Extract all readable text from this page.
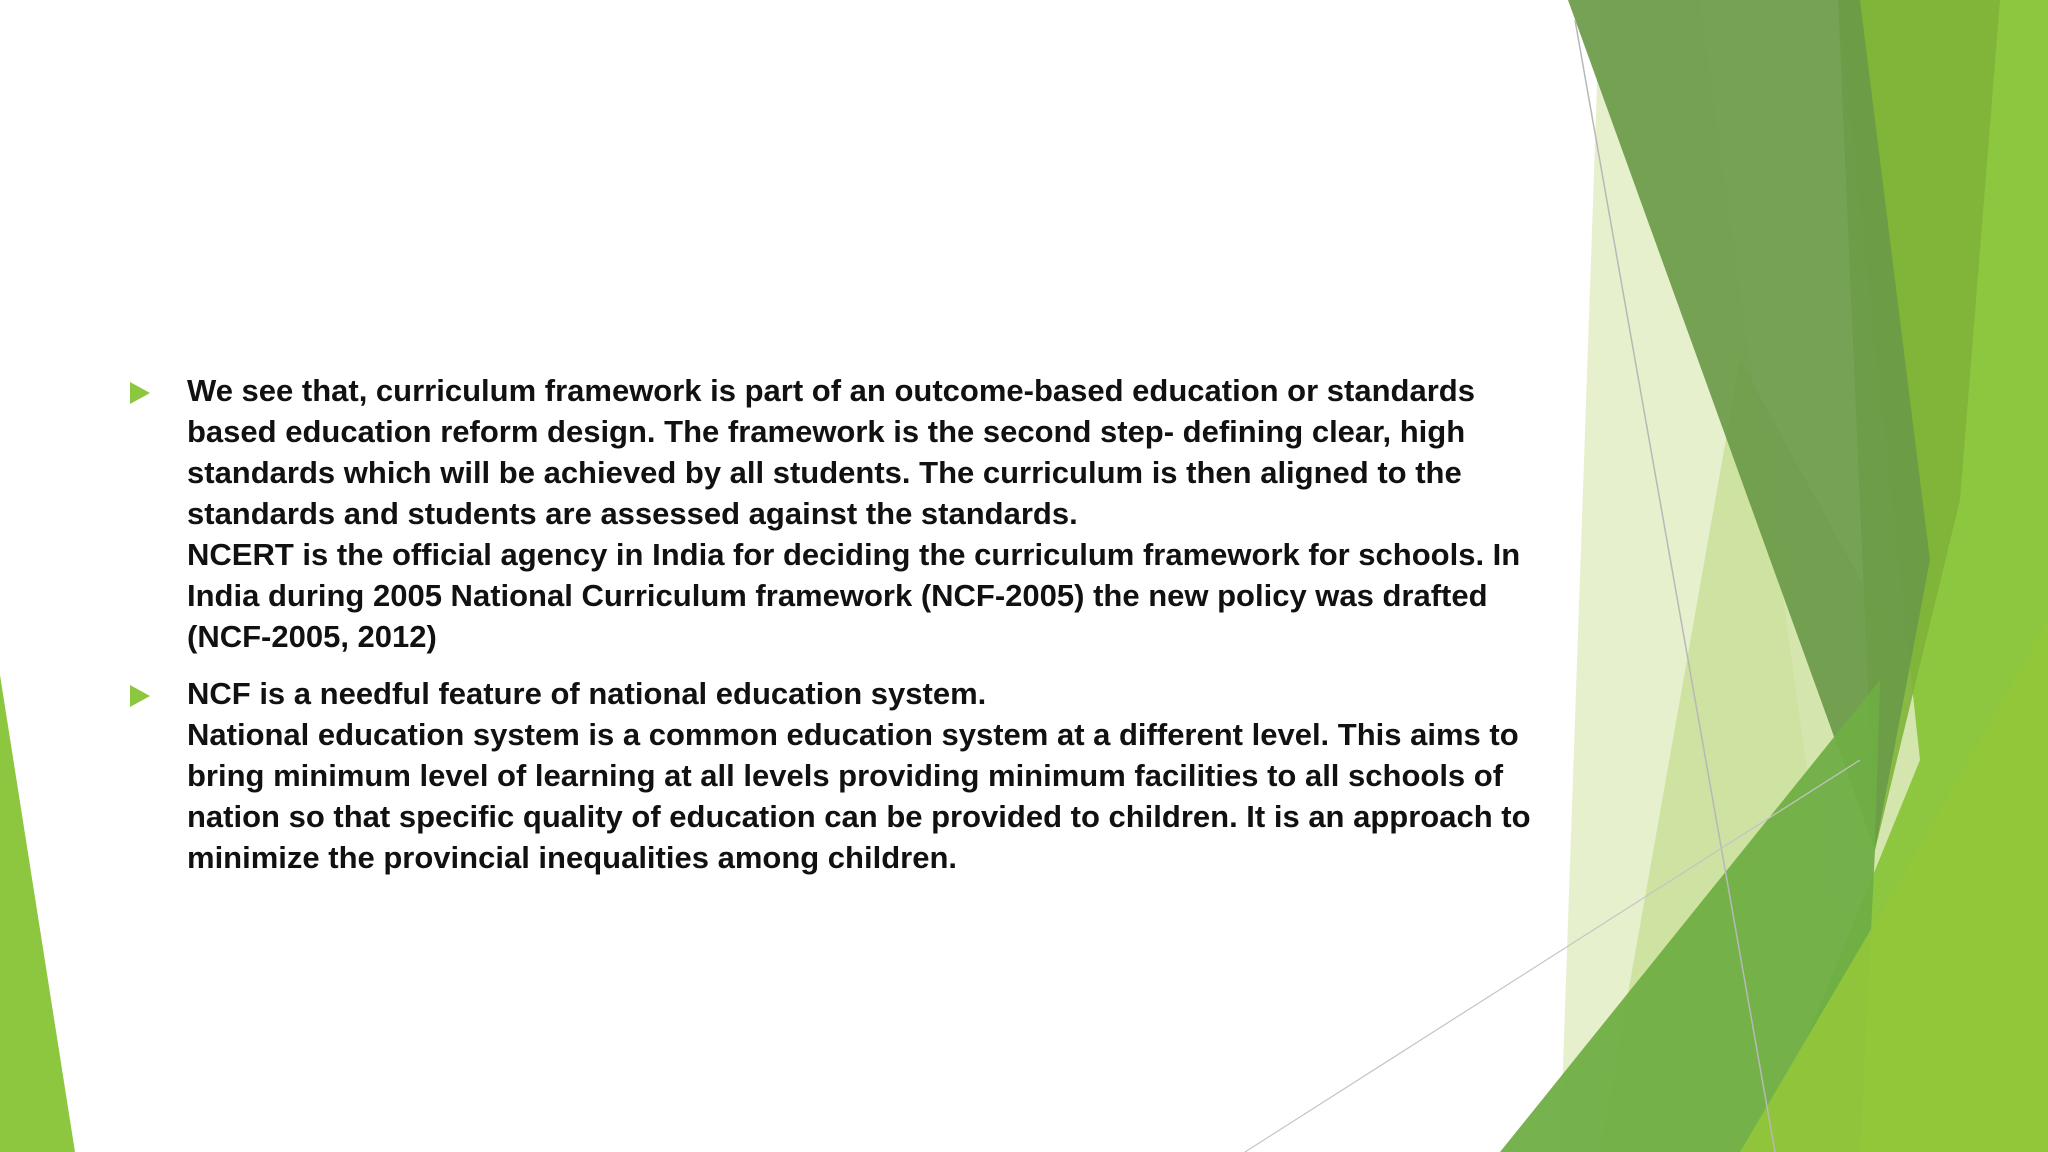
We see that, curriculum framework is part of an outcome-based education or standards based education reform design. The framework is the second step- defining clear, high standards which will be achieved by all students. The curriculum is then aligned to the standards and students are assessed against the standards.

NCERT is the official agency in India for deciding the curriculum framework for schools. In India during 2005 National Curriculum framework (NCF-2005) the new policy was drafted (NCF-2005, 2012)

NCF is a needful feature of national education system.

National education system is a common education system at a different level. This aims to bring minimum level of learning at all levels providing minimum facilities to all schools of nation so that specific quality of education can be provided to children. It is an approach to minimize the provincial inequalities among children.
